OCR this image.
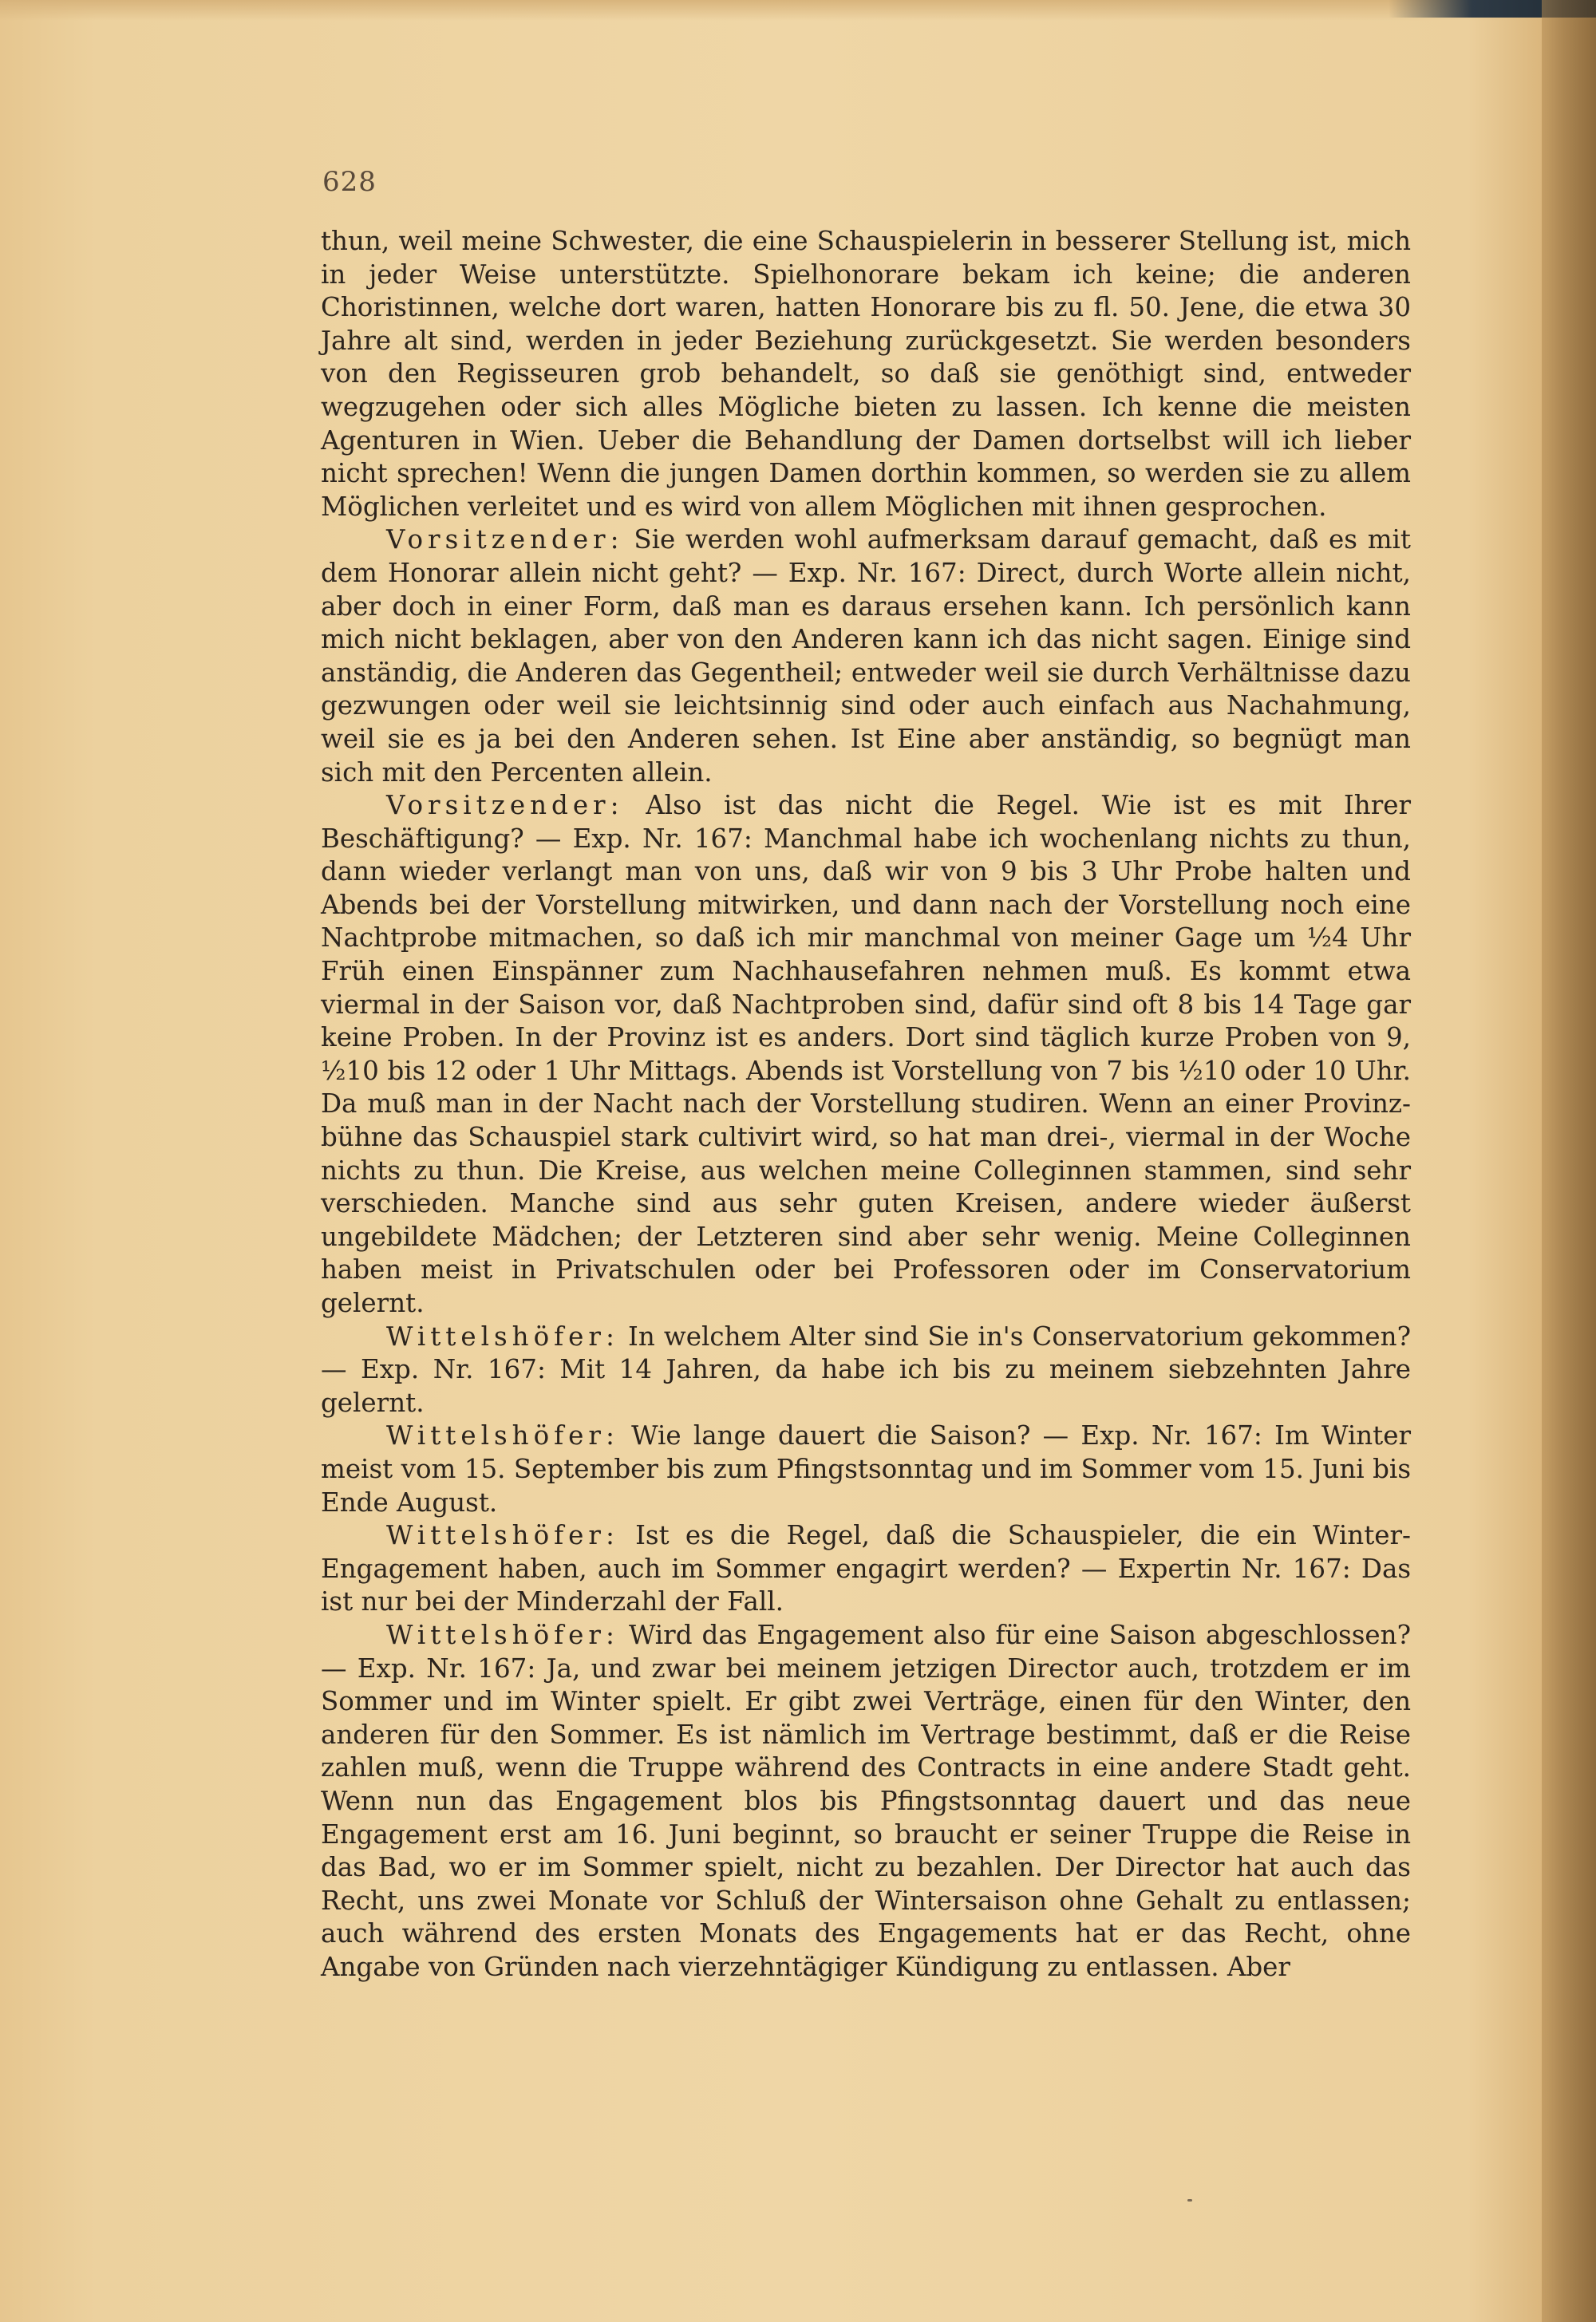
628

thun, weil meine Schwester, die eine Schauspielerin in besserer Stellung ist, mich in jeder Weise unterstützte. Spielhonorare bekam ich keine; die anderen Choristinnen, welche dort waren, hatten Honorare bis zu fl. 50. Jene, die etwa 30 Jahre alt sind, werden in jeder Beziehung zurückgesetzt. Sie werden besonders von den Regisseuren grob behandelt, so daß sie genöthigt sind, entweder wegzugehen oder sich alles Mögliche bieten zu lassen. Ich kenne die meisten Agenturen in Wien. Ueber die Behandlung der Damen dortselbst will ich lieber nicht sprechen! Wenn die jungen Damen dorthin kommen, so werden sie zu allem Möglichen verleitet und es wird von allem Möglichen mit ihnen gesprochen.

Vorsitzender: Sie werden wohl aufmerksam darauf gemacht, daß es mit dem Honorar allein nicht geht? — Exp. Nr. 167: Direct, durch Worte allein nicht, aber doch in einer Form, daß man es daraus ersehen kann. Ich persönlich kann mich nicht beklagen, aber von den Anderen kann ich das nicht sagen. Einige sind anständig, die Anderen das Gegentheil; entweder weil sie durch Verhältnisse dazu gezwungen oder weil sie leichtsinnig sind oder auch einfach aus Nachahmung, weil sie es ja bei den Anderen sehen. Ist Eine aber anständig, so begnügt man sich mit den Percenten allein.

Vorsitzender: Also ist das nicht die Regel. Wie ist es mit Ihrer Beschäftigung? — Exp. Nr. 167: Manchmal habe ich wochenlang nichts zu thun, dann wieder verlangt man von uns, daß wir von 9 bis 3 Uhr Probe halten und Abends bei der Vorstellung mitwirken, und dann nach der Vorstellung noch eine Nachtprobe mitmachen, so daß ich mir manchmal von meiner Gage um ½4 Uhr Früh einen Einspänner zum Nachhausefahren nehmen muß. Es kommt etwa viermal in der Saison vor, daß Nachtproben sind, dafür sind oft 8 bis 14 Tage gar keine Proben. In der Provinz ist es anders. Dort sind täglich kurze Proben von 9, ½10 bis 12 oder 1 Uhr Mittags. Abends ist Vorstellung von 7 bis ½10 oder 10 Uhr. Da muß man in der Nacht nach der Vorstellung studiren. Wenn an einer Provinz-bühne das Schauspiel stark cultivirt wird, so hat man drei-, viermal in der Woche nichts zu thun. Die Kreise, aus welchen meine Colleginnen stammen, sind sehr verschieden. Manche sind aus sehr guten Kreisen, andere wieder äußerst ungebildete Mädchen; der Letzteren sind aber sehr wenig. Meine Colleginnen haben meist in Privatschulen oder bei Professoren oder im Conservatorium gelernt.

Wittelshöfer: In welchem Alter sind Sie in's Conservatorium gekommen? — Exp. Nr. 167: Mit 14 Jahren, da habe ich bis zu meinem siebzehnten Jahre gelernt.

Wittelshöfer: Wie lange dauert die Saison? — Exp. Nr. 167: Im Winter meist vom 15. September bis zum Pfingstsonntag und im Sommer vom 15. Juni bis Ende August.

Wittelshöfer: Ist es die Regel, daß die Schauspieler, die ein Winter-Engagement haben, auch im Sommer engagirt werden? — Expertin Nr. 167: Das ist nur bei der Minderzahl der Fall.

Wittelshöfer: Wird das Engagement also für eine Saison abgeschlossen? — Exp. Nr. 167: Ja, und zwar bei meinem jetzigen Director auch, trotzdem er im Sommer und im Winter spielt. Er gibt zwei Verträge, einen für den Winter, den anderen für den Sommer. Es ist nämlich im Vertrage bestimmt, daß er die Reise zahlen muß, wenn die Truppe während des Contracts in eine andere Stadt geht. Wenn nun das Engagement blos bis Pfingstsonntag dauert und das neue Engagement erst am 16. Juni beginnt, so braucht er seiner Truppe die Reise in das Bad, wo er im Sommer spielt, nicht zu bezahlen. Der Director hat auch das Recht, uns zwei Monate vor Schluß der Wintersaison ohne Gehalt zu entlassen; auch während des ersten Monats des Engagements hat er das Recht, ohne Angabe von Gründen nach vierzehntägiger Kündigung zu entlassen. Aber
